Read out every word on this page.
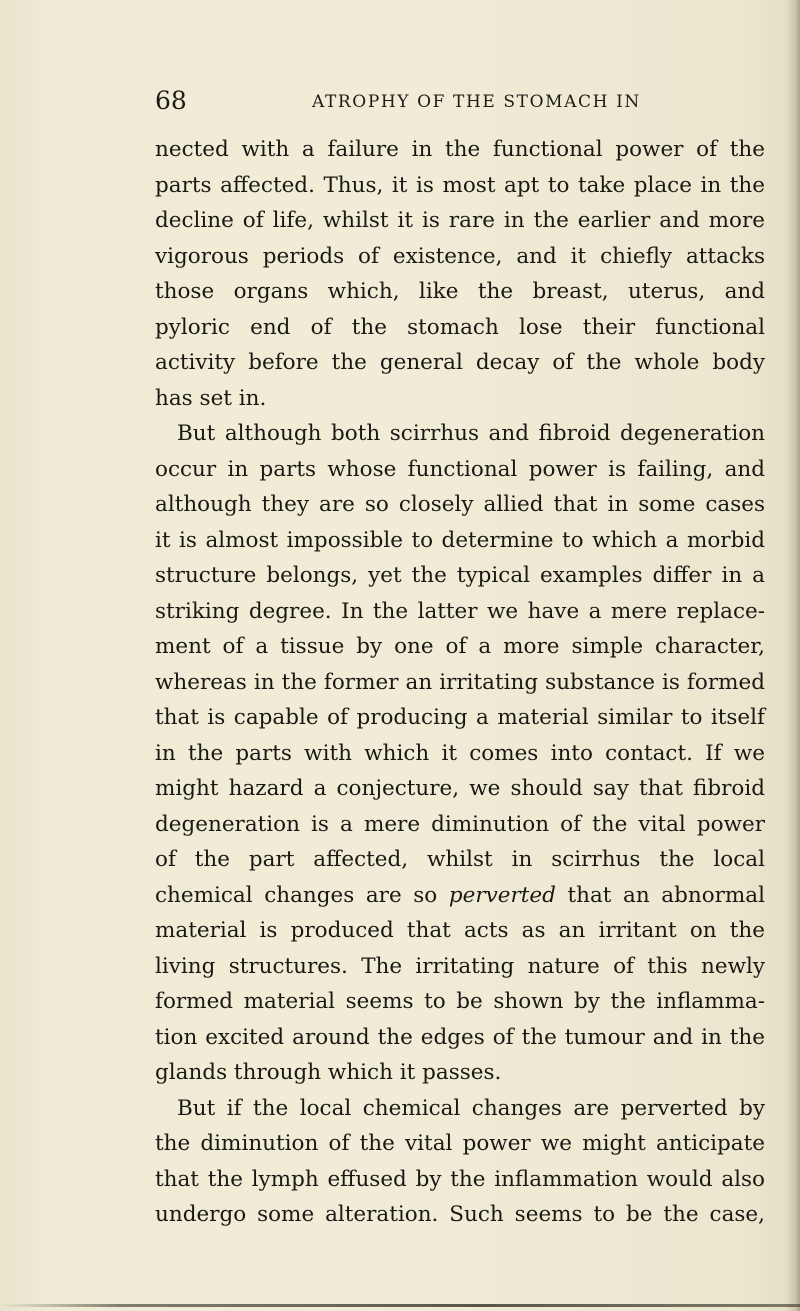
68	ATROPHY OF THE STOMACH IN

nected with a failure in the functional power of the

parts affected. Thus, it is most apt to take place in the

decline of life, whilst it is rare in the earlier and more

vigorous periods of existence, and it chiefly attacks

those organs which, like the breast, uterus, and

pyloric end of the stomach lose their functional

activity before the general decay of the whole body

has set in.

But although both scirrhus and fibroid degeneration

occur in parts whose functional power is failing, and

although they are so closely allied that in some cases

it is almost impossible to determine to which a morbid

structure belongs, yet the typical examples differ in a

striking degree. In the latter we have a mere replace-

ment of a tissue by one of a more simple character,

whereas in the former an irritating substance is formed

that is capable of producing a material similar to itself

in the parts with which it comes into contact. If we

might hazard a conjecture, we should say that fibroid

degeneration is a mere diminution of the vital power

of the part affected, whilst in scirrhus the local

chemical changes are so perverted that an abnormal

material is produced that acts as an irritant on the

living structures. The irritating nature of this newly

formed material seems to be shown by the inflamma-

tion excited around the edges of the tumour and in the

glands through which it passes.

But if the local chemical changes are perverted by

the diminution of the vital power we might anticipate

that the lymph effused by the inflammation would also

undergo some alteration. Such seems to be the case,
